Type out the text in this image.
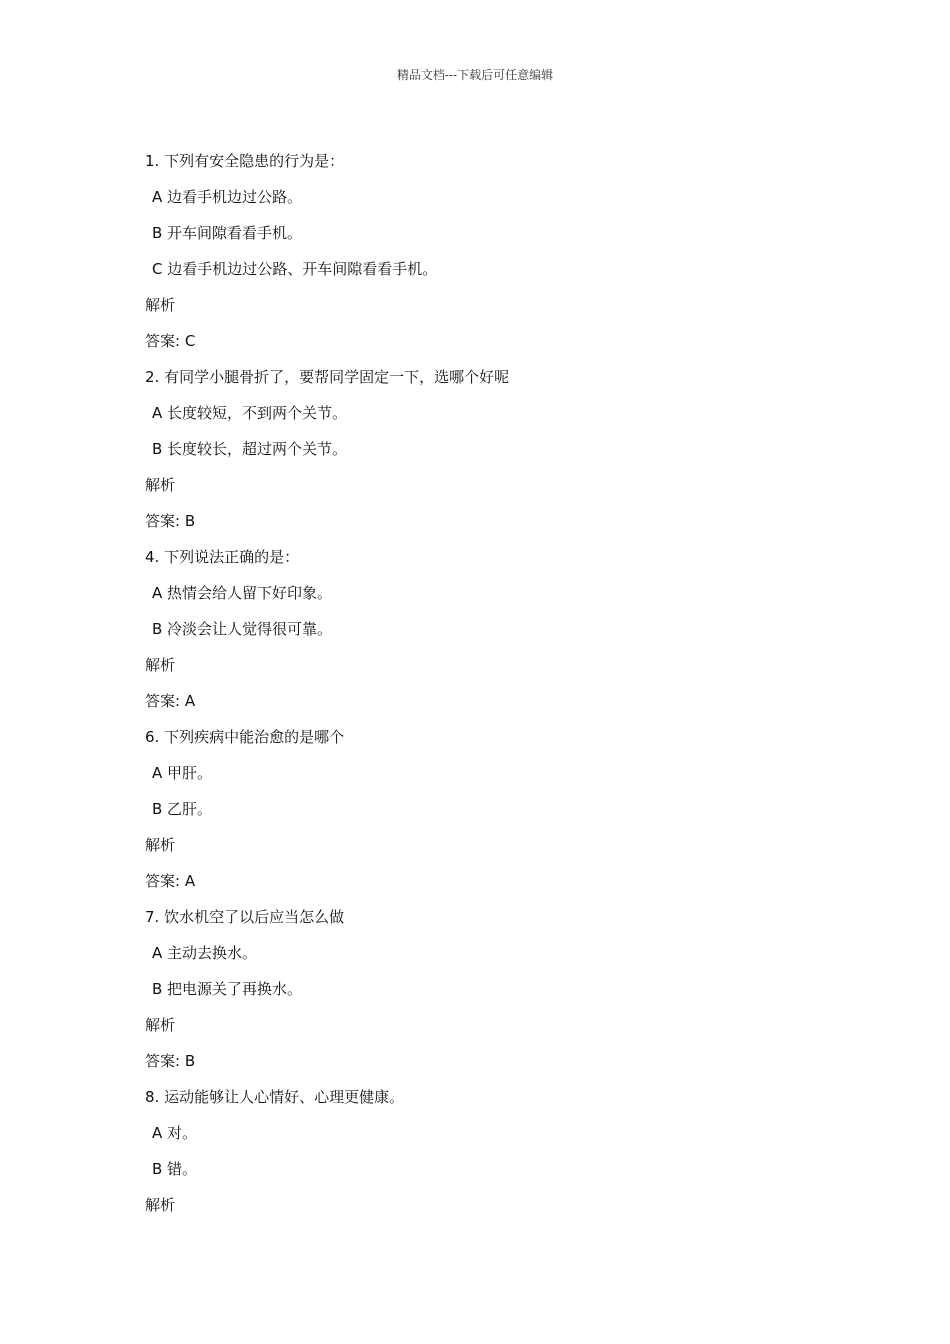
精品文档---下载后可任意编辑
1. 下列有安全隐患的行为是：
A 边看手机边过公路。
B 开车间隙看看手机。
C 边看手机边过公路、开车间隙看看手机。
解析
答案: C
2. 有同学小腿骨折了，要帮同学固定一下，选哪个好呢
A 长度较短，不到两个关节。
B 长度较长，超过两个关节。
解析
答案: B
4. 下列说法正确的是：
A 热情会给人留下好印象。
B 冷淡会让人觉得很可靠。
解析
答案: A
6. 下列疾病中能治愈的是哪个
A 甲肝。
B 乙肝。
解析
答案: A
7. 饮水机空了以后应当怎么做
A 主动去换水。
B 把电源关了再换水。
解析
答案: B
8. 运动能够让人心情好、心理更健康。
A 对。
B 错。
解析
